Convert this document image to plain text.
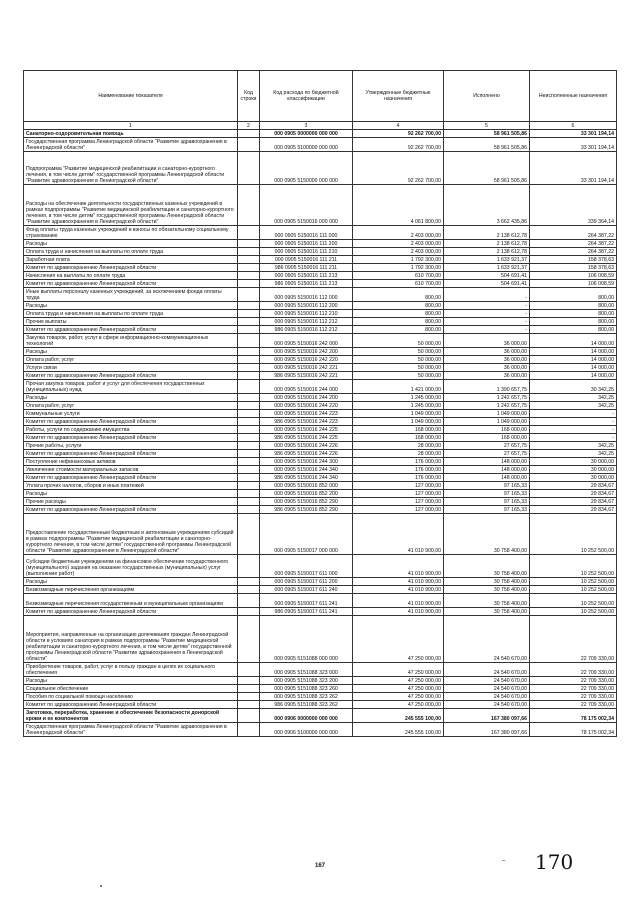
Наименование показателя	Код строки	Код расхода по бюджетной классификации	Утвержденные бюджетные назначения	Исполнено	Неисполненные назначения
1	2	3	4	5	6
Санаторно-оздоровительная помощь		000 0905 0000000 000 000	92 262 700,00	58 961 505,86	33 301 194,14
Государственная программа Ленинградской области "Развитие здравоохранения в Ленинградской области"		000 0905 5100000 000 000	92 262 700,00	58 961 505,86	33 301 194,14
Подпрограмма "Развитие медицинской реабилитации и санаторно-курортного лечения, в том числе детям" государственной программы Ленинградской области "Развитие здравоохранения в Ленинградской области"		000 0905 5150000 000 000	92 262 700,00	58 961 505,86	33 301 194,14
Расходы на обеспечение деятельности государственных казенных учреждений в рамках подпрограммы "Развитие медицинской реабилитации и санаторно-курортного лечения, в том числе детям" государственной программы Ленинградской области "Развитие здравоохранения в Ленинградской области"		000 0905 5150016 000 000	4 061 800,00	3 662 435,86	339 364,14
Фонд оплаты труда казенных учреждений и взносы по обязательному социальному страхованию		000 0905 5150016 111 000	2 403 000,00	2 138 612,78	264 387,22
Расходы		000 0905 5150016 111 200	2 403 000,00	2 138 612,78	264 387,22
Оплата труда и начисления на выплаты по оплате труда		000 0905 5150016 111 210	2 403 000,00	2 138 612,78	264 387,22
Заработная плата		000 0905 5150016 111 211	1 792 300,00	1 633 921,37	158 378,63
Комитет по здравоохранению Ленинградской области		986 0905 5150016 111 211	1 792 300,00	1 633 921,37	158 378,63
Начисления на выплаты по оплате труда		000 0905 5150016 111 213	610 700,00	504 691,41	106 008,59
Комитет по здравоохранению Ленинградской области		986 0905 5150016 111 213	610 700,00	504 691,41	106 008,59
Иные выплаты персоналу казенных учреждений, за исключением фонда оплаты труда		000 0905 5150016 112 000	800,00	-	800,00
Расходы		000 0905 5150016 112 200	800,00	-	800,00
Оплата труда и начисления на выплаты по оплате труда		000 0905 5150016 112 210	800,00	-	800,00
Прочие выплаты		000 0905 5150016 112 212	800,00	-	800,00
Комитет по здравоохранению Ленинградской области		986 0905 5150016 112 212	800,00	-	800,00
Закупка товаров, работ, услуг в сфере информационно-коммуникационных технологий		000 0905 5150016 242 000	50 000,00	36 000,00	14 000,00
Расходы		000 0905 5150016 242 200	50 000,00	36 000,00	14 000,00
Оплата работ, услуг		000 0905 5150016 242 220	50 000,00	36 000,00	14 000,00
Услуги связи		000 0905 5150016 242 221	50 000,00	36 000,00	14 000,00
Комитет по здравоохранению Ленинградской области		986 0905 5150016 242 221	50 000,00	36 000,00	14 000,00
Прочая закупка товаров, работ и услуг для обеспечения государственных (муниципальных) нужд		000 0905 5150016 244 000	1 421 000,00	1 390 657,75	30 342,25
Расходы		000 0905 5150016 244 200	1 245 000,00	1 242 657,75	342,25
Оплата работ, услуг		000 0905 5150016 244 220	1 245 000,00	1 242 657,75	342,25
Коммунальные услуги		000 0905 5150016 244 223	1 049 000,00	1 049 000,00	-
Комитет по здравоохранению Ленинградской области		986 0905 5150016 244 223	1 049 000,00	1 049 000,00	-
Работы, услуги по содержанию имущества		000 0905 5150016 244 225	168 000,00	168 000,00	-
Комитет по здравоохранению Ленинградской области		986 0905 5150016 244 225	168 000,00	168 000,00	-
Прочие работы, услуги		000 0905 5150016 244 226	28 000,00	27 657,75	342,25
Комитет по здравоохранению Ленинградской области		986 0905 5150016 244 226	28 000,00	27 657,75	342,25
Поступление нефинансовых активов		000 0905 5150016 244 300	176 000,00	148 000,00	30 000,00
Увеличение стоимости материальных запасов		000 0905 5150016 244 340	176 000,00	148 000,00	30 000,00
Комитет по здравоохранению Ленинградской области		986 0905 5150016 244 340	176 000,00	148 000,00	30 000,00
Уплата прочих налогов, сборов и иных платежей		000 0905 5150016 852 000	127 000,00	97 165,33	29 834,67
Расходы		000 0905 5150016 852 200	127 000,00	97 165,33	29 834,67
Прочие расходы		000 0905 5150016 852 290	127 000,00	97 165,33	29 834,67
Комитет по здравоохранению Ленинградской области		986 0905 5150016 852 290	127 000,00	97 165,33	29 834,67
Предоставление государственным бюджетным и автономным учреждениям субсидий в рамках подпрограммы "Развитие медицинской реабилитации и санаторно-курортного лечения, в том числе детям" государственной программы Ленинградской области "Развитие здравоохранения в Ленинградской области"		000 0905 5150017 000 000	41 010 900,00	30 758 400,00	10 252 500,00
Субсидии бюджетным учреждениям на финансовое обеспечение государственного (муниципального) задания на оказание государственных (муниципальных) услуг (выполнение работ)		000 0905 5150017 611 000	41 010 900,00	30 758 400,00	10 252 500,00
Расходы		000 0905 5150017 611 200	41 010 900,00	30 758 400,00	10 252 500,00
Безвозмездные перечисления организациям		000 0905 5150017 611 240	41 010 900,00	30 758 400,00	10 252 500,00
Безвозмездные перечисления государственным и муниципальным организациям		000 0905 5150017 611 241	41 010 900,00	30 758 400,00	10 252 500,00
Комитет по здравоохранению Ленинградской области		986 0905 5150017 611 241	41 010 900,00	30 758 400,00	10 252 500,00
Мероприятия, направленные на организацию долечивания граждан Ленинградской области в условиях санатория в рамках подпрограммы "Развитие медицинской реабилитации и санаторно-курортного лечения, в том числе детям" государственной программы Ленинградской области "Развитие здравоохранения в Ленинградской области"		000 0905 5151088 000 000	47 250 000,00	24 540 670,00	22 709 330,00
Приобретение товаров, работ, услуг в пользу граждан в целях их социального обеспечения		000 0905 5151088 323 000	47 250 000,00	24 540 670,00	22 709 330,00
Расходы		000 0905 5151088 323 200	47 250 000,00	24 540 670,00	22 709 330,00
Социальное обеспечение		000 0905 5151088 323 260	47 250 000,00	24 540 670,00	22 709 330,00
Пособия по социальной помощи населению		000 0905 5151088 323 262	47 250 000,00	24 540 670,00	22 709 330,00
Комитет по здравоохранению Ленинградской области		986 0905 5151088 323 262	47 250 000,00	24 540 670,00	22 709 330,00
Заготовка, переработка, хранение и обеспечение безопасности донорской крови и ее компонентов		000 0906 0000000 000 000	245 555 100,00	167 380 097,66	78 175 002,34
Государственная программа Ленинградской области "Развитие здравоохранения в Ленинградской области"		000 0906 5100000 000 000	245 555 100,00	167 380 097,66	78 175 002,34
167
– 170
